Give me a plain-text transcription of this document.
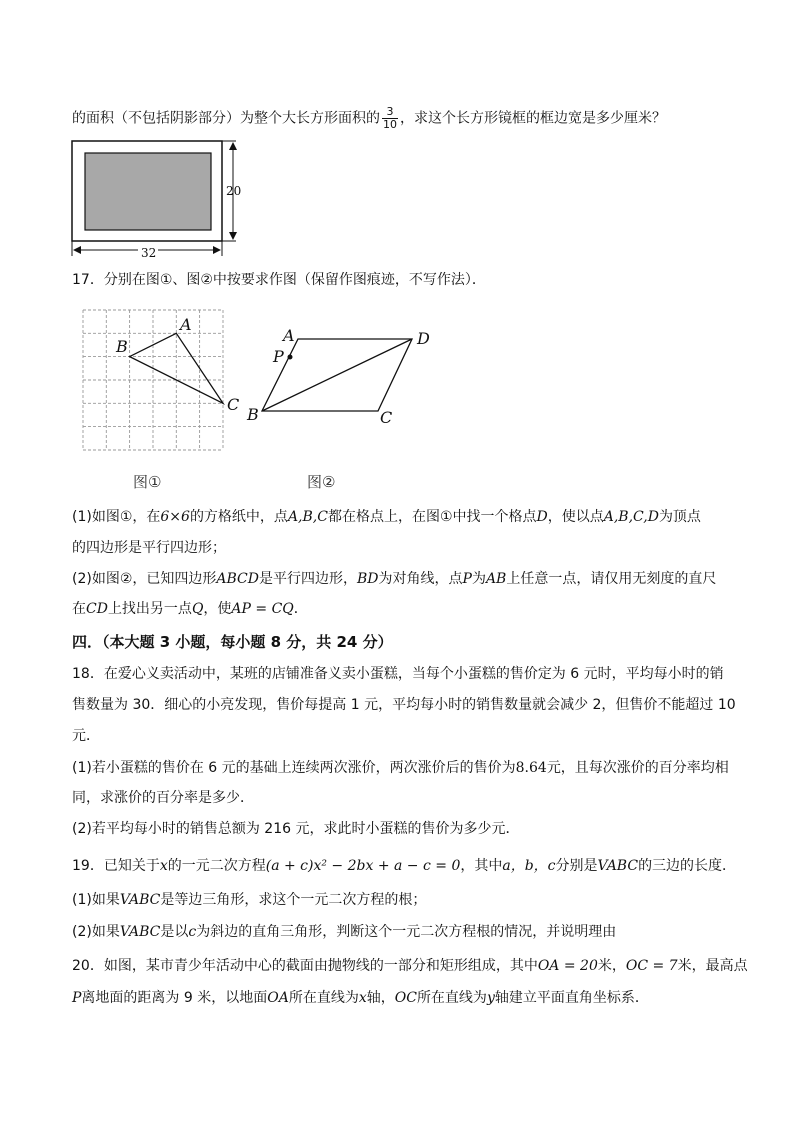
的面积（不包括阴影部分）为整个大长方形面积的 $\frac{3}{10}$ ，求这个长方形镜框的框边宽是多少厘米？
20
32
17．分别在图①、图②中按要求作图（保留作图痕迹，不写作法）．
A
B
C
图①
A
P
D
B	C
图②
(1)如图①，在6×6的方格纸中，点A,B,C都在格点上，在图①中找一个格点D，使以点A,B,C,D为顶点
的四边形是平行四边形；
(2)如图②，已知四边形ABCD是平行四边形，BD为对角线，点P为AB上任意一点，请仅用无刻度的直尺
在CD上找出另一点Q，使AP = CQ．
四．（本大题 3 小题，每小题 8 分，共 24 分）
18．在爱心义卖活动中，某班的店铺准备义卖小蛋糕，当每个小蛋糕的售价定为 6 元时，平均每小时的销
售数量为 30．细心的小亮发现，售价每提高 1 元，平均每小时的销售数量就会减少 2，但售价不能超过 10
元．
(1)若小蛋糕的售价在 6 元的基础上连续两次涨价，两次涨价后的售价为8.64元，且每次涨价的百分率均相
同，求涨价的百分率是多少．
(2)若平均每小时的销售总额为 216 元，求此时小蛋糕的售价为多少元．
19．已知关于x的一元二次方程(a + c)x² − 2bx + a − c = 0，其中a，b，c分别是VABC的三边的长度．
(1)如果VABC是等边三角形，求这个一元二次方程的根；
(2)如果VABC是以c为斜边的直角三角形，判断这个一元二次方程根的情况，并说明理由
20．如图，某市青少年活动中心的截面由抛物线的一部分和矩形组成，其中OA = 20米，OC = 7米，最高点
P离地面的距离为 9 米，以地面OA所在直线为x轴，OC所在直线为y轴建立平面直角坐标系．
